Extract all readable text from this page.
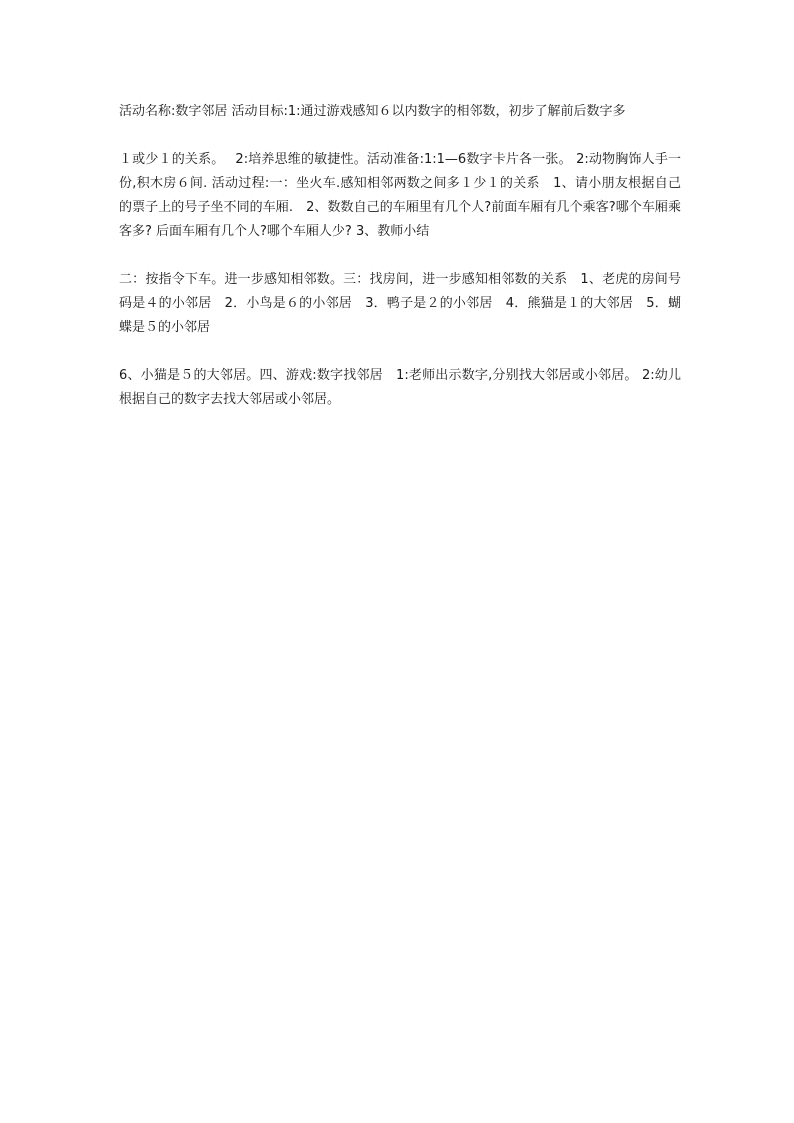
活动名称:数字邻居 活动目标:1:通过游戏感知６以内数字的相邻数，初步了解前后数字多

１或少１的关系。　 2:培养思维的敏捷性。活动准备:1:1—6数字卡片各一张。 2:动物胸饰人手一份,积木房６间. 活动过程:一：坐火车.感知相邻两数之间多１少１的关系　1、请小朋友根据自己的票子上的号子坐不同的车厢.　2、数数自己的车厢里有几个人?前面车厢有几个乘客?哪个车厢乘客多? 后面车厢有几个人?哪个车厢人少? 3、教师小结

二：按指令下车。进一步感知相邻数。三：找房间，进一步感知相邻数的关系　1、老虎的房间号码是４的小邻居　2．小鸟是６的小邻居　3．鸭子是２的小邻居　4．熊猫是１的大邻居　5．蝴蝶是５的小邻居

6、小猫是５的大邻居。四、游戏:数字找邻居　1:老师出示数字,分别找大邻居或小邻居。 2:幼儿根据自己的数字去找大邻居或小邻居。
